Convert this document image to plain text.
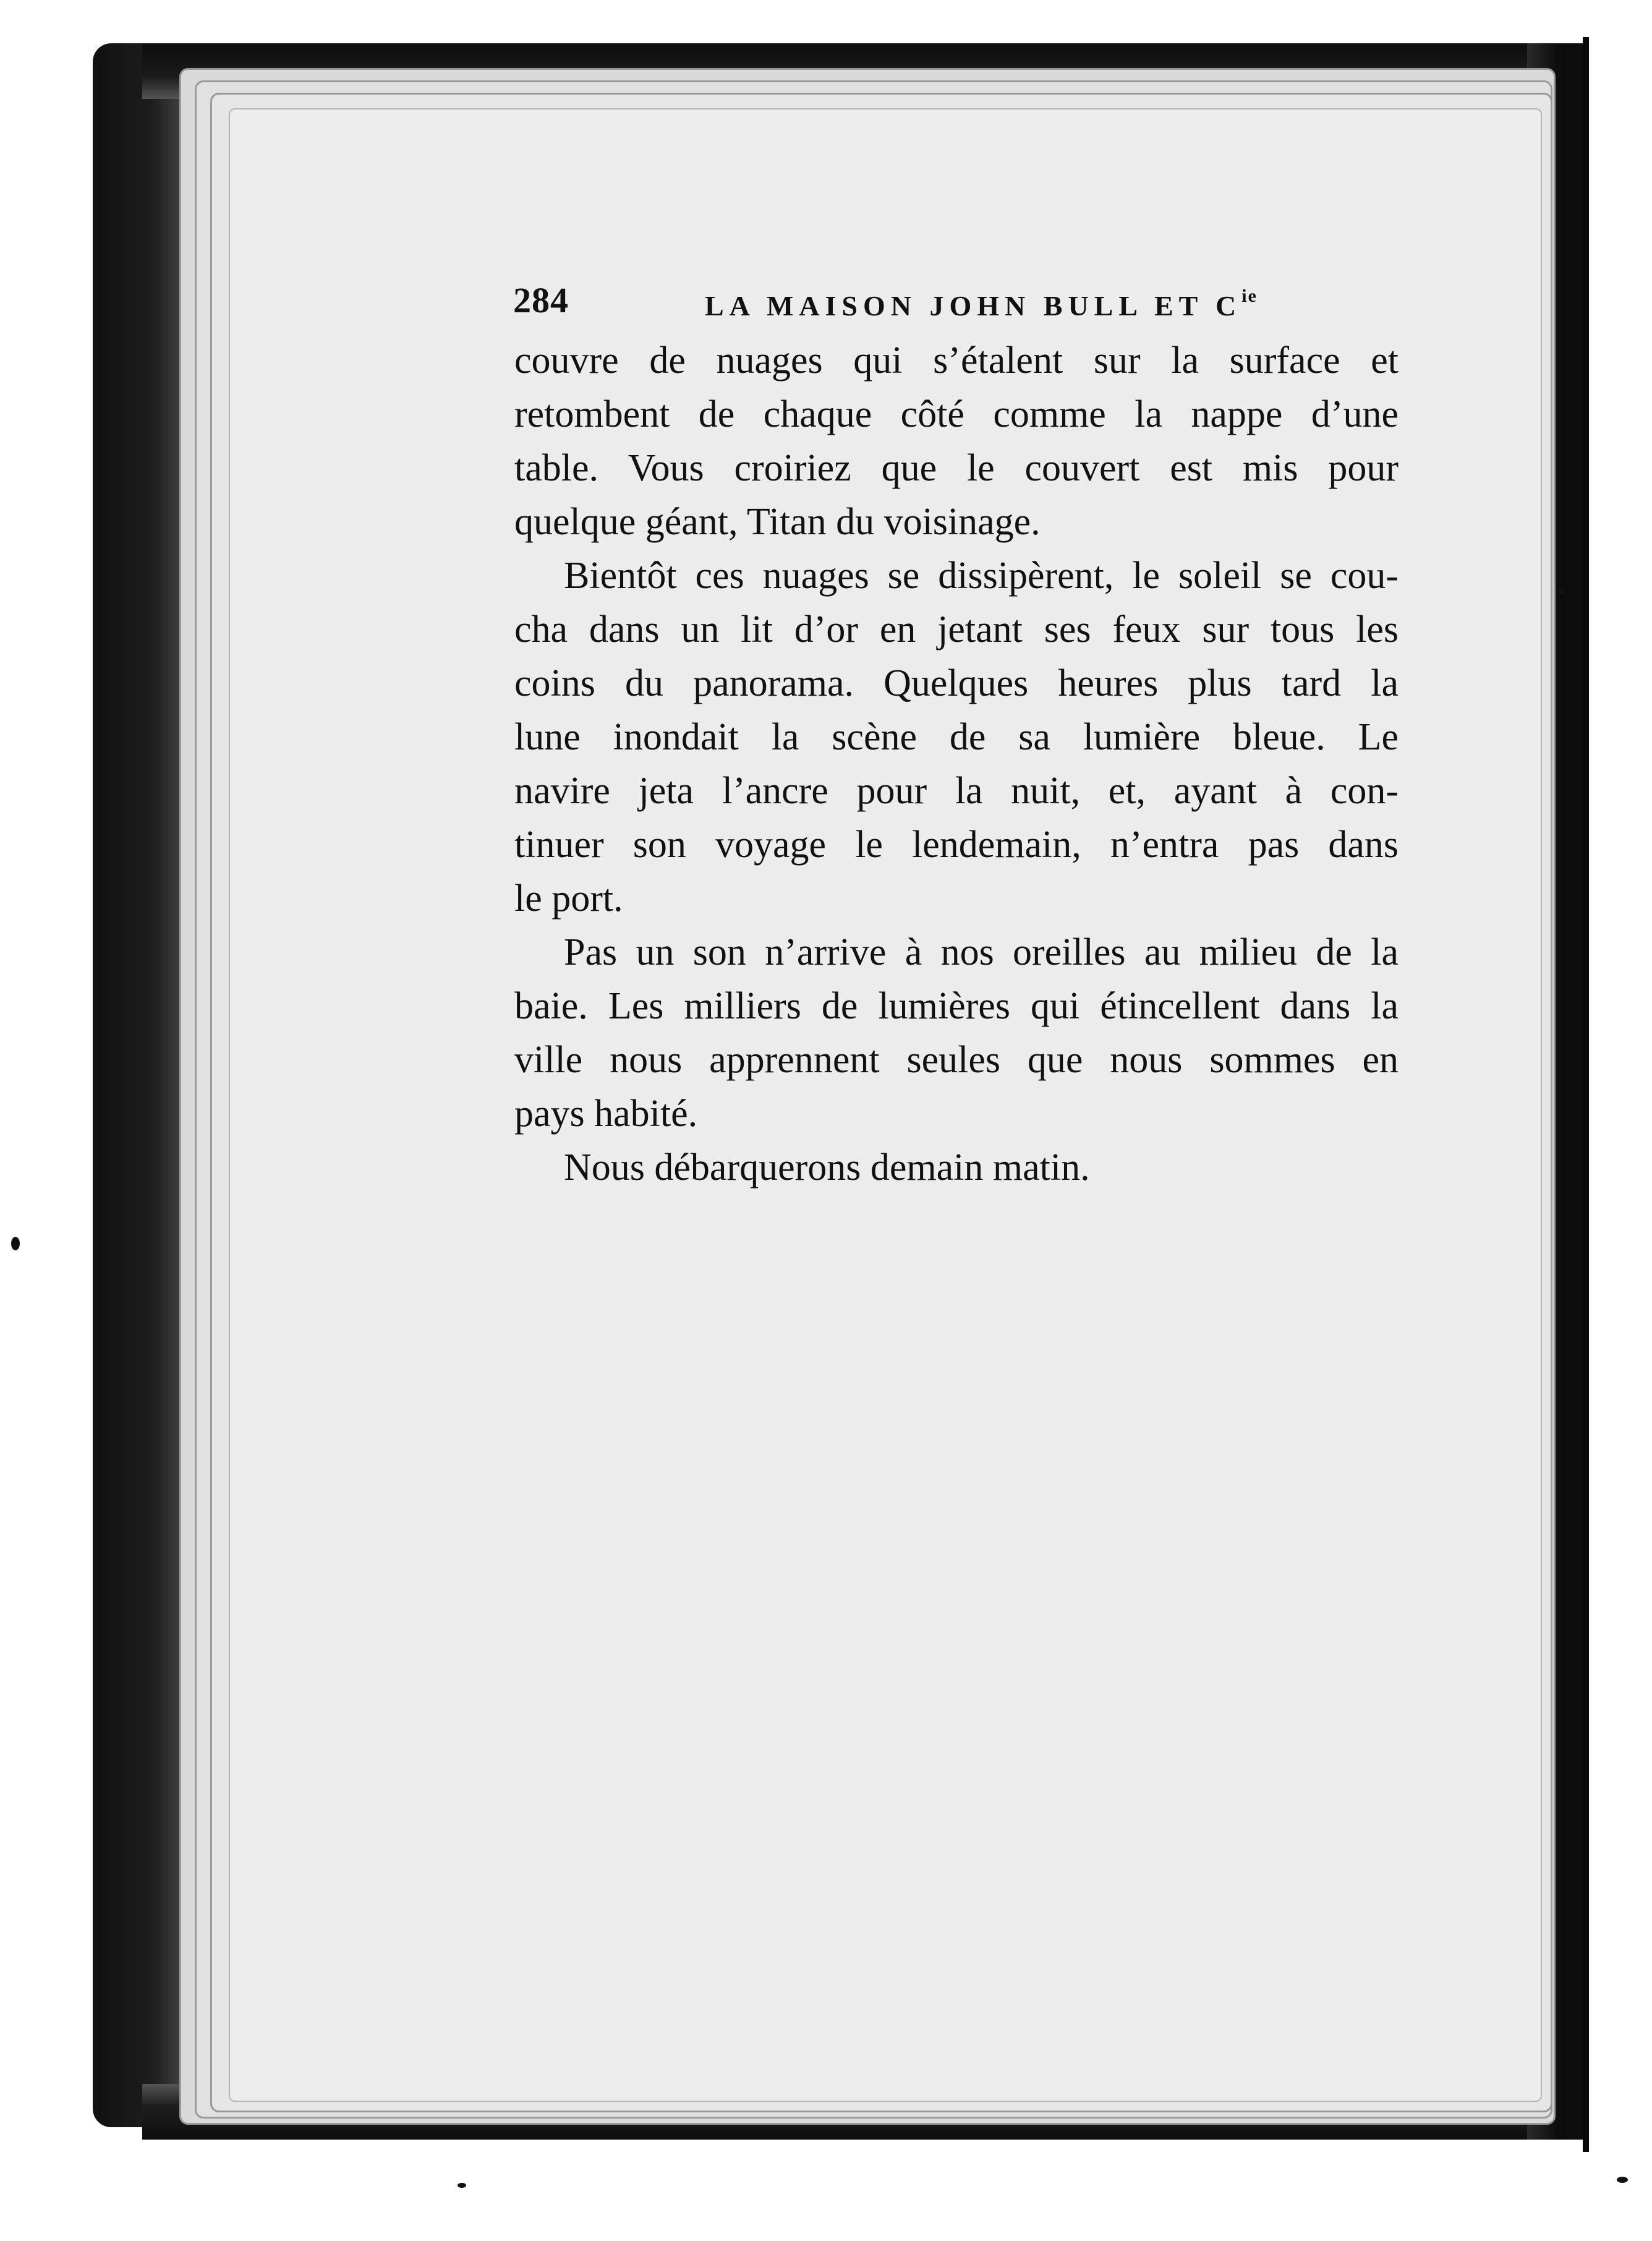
284	LA MAISON JOHN BULL ET $C^{ie}$

couvre de nuages qui s’étalent sur la surface et

retombent de chaque côté comme la nappe d’une

table. Vous croiriez que le couvert est mis pour

quelque géant, Titan du voisinage.

Bientôt ces nuages se dissipèrent, le soleil se cou-

cha dans un lit d’or en jetant ses feux sur tous les

coins du panorama. Quelques heures plus tard la

lune inondait la scène de sa lumière bleue. Le

navire jeta l’ancre pour la nuit, et, ayant à con-

tinuer son voyage le lendemain, n’entra pas dans

le port.

Pas un son n’arrive à nos oreilles au milieu de la

baie. Les milliers de lumières qui étincellent dans la

ville nous apprennent seules que nous sommes en

pays habité.

Nous débarquerons demain matin.
